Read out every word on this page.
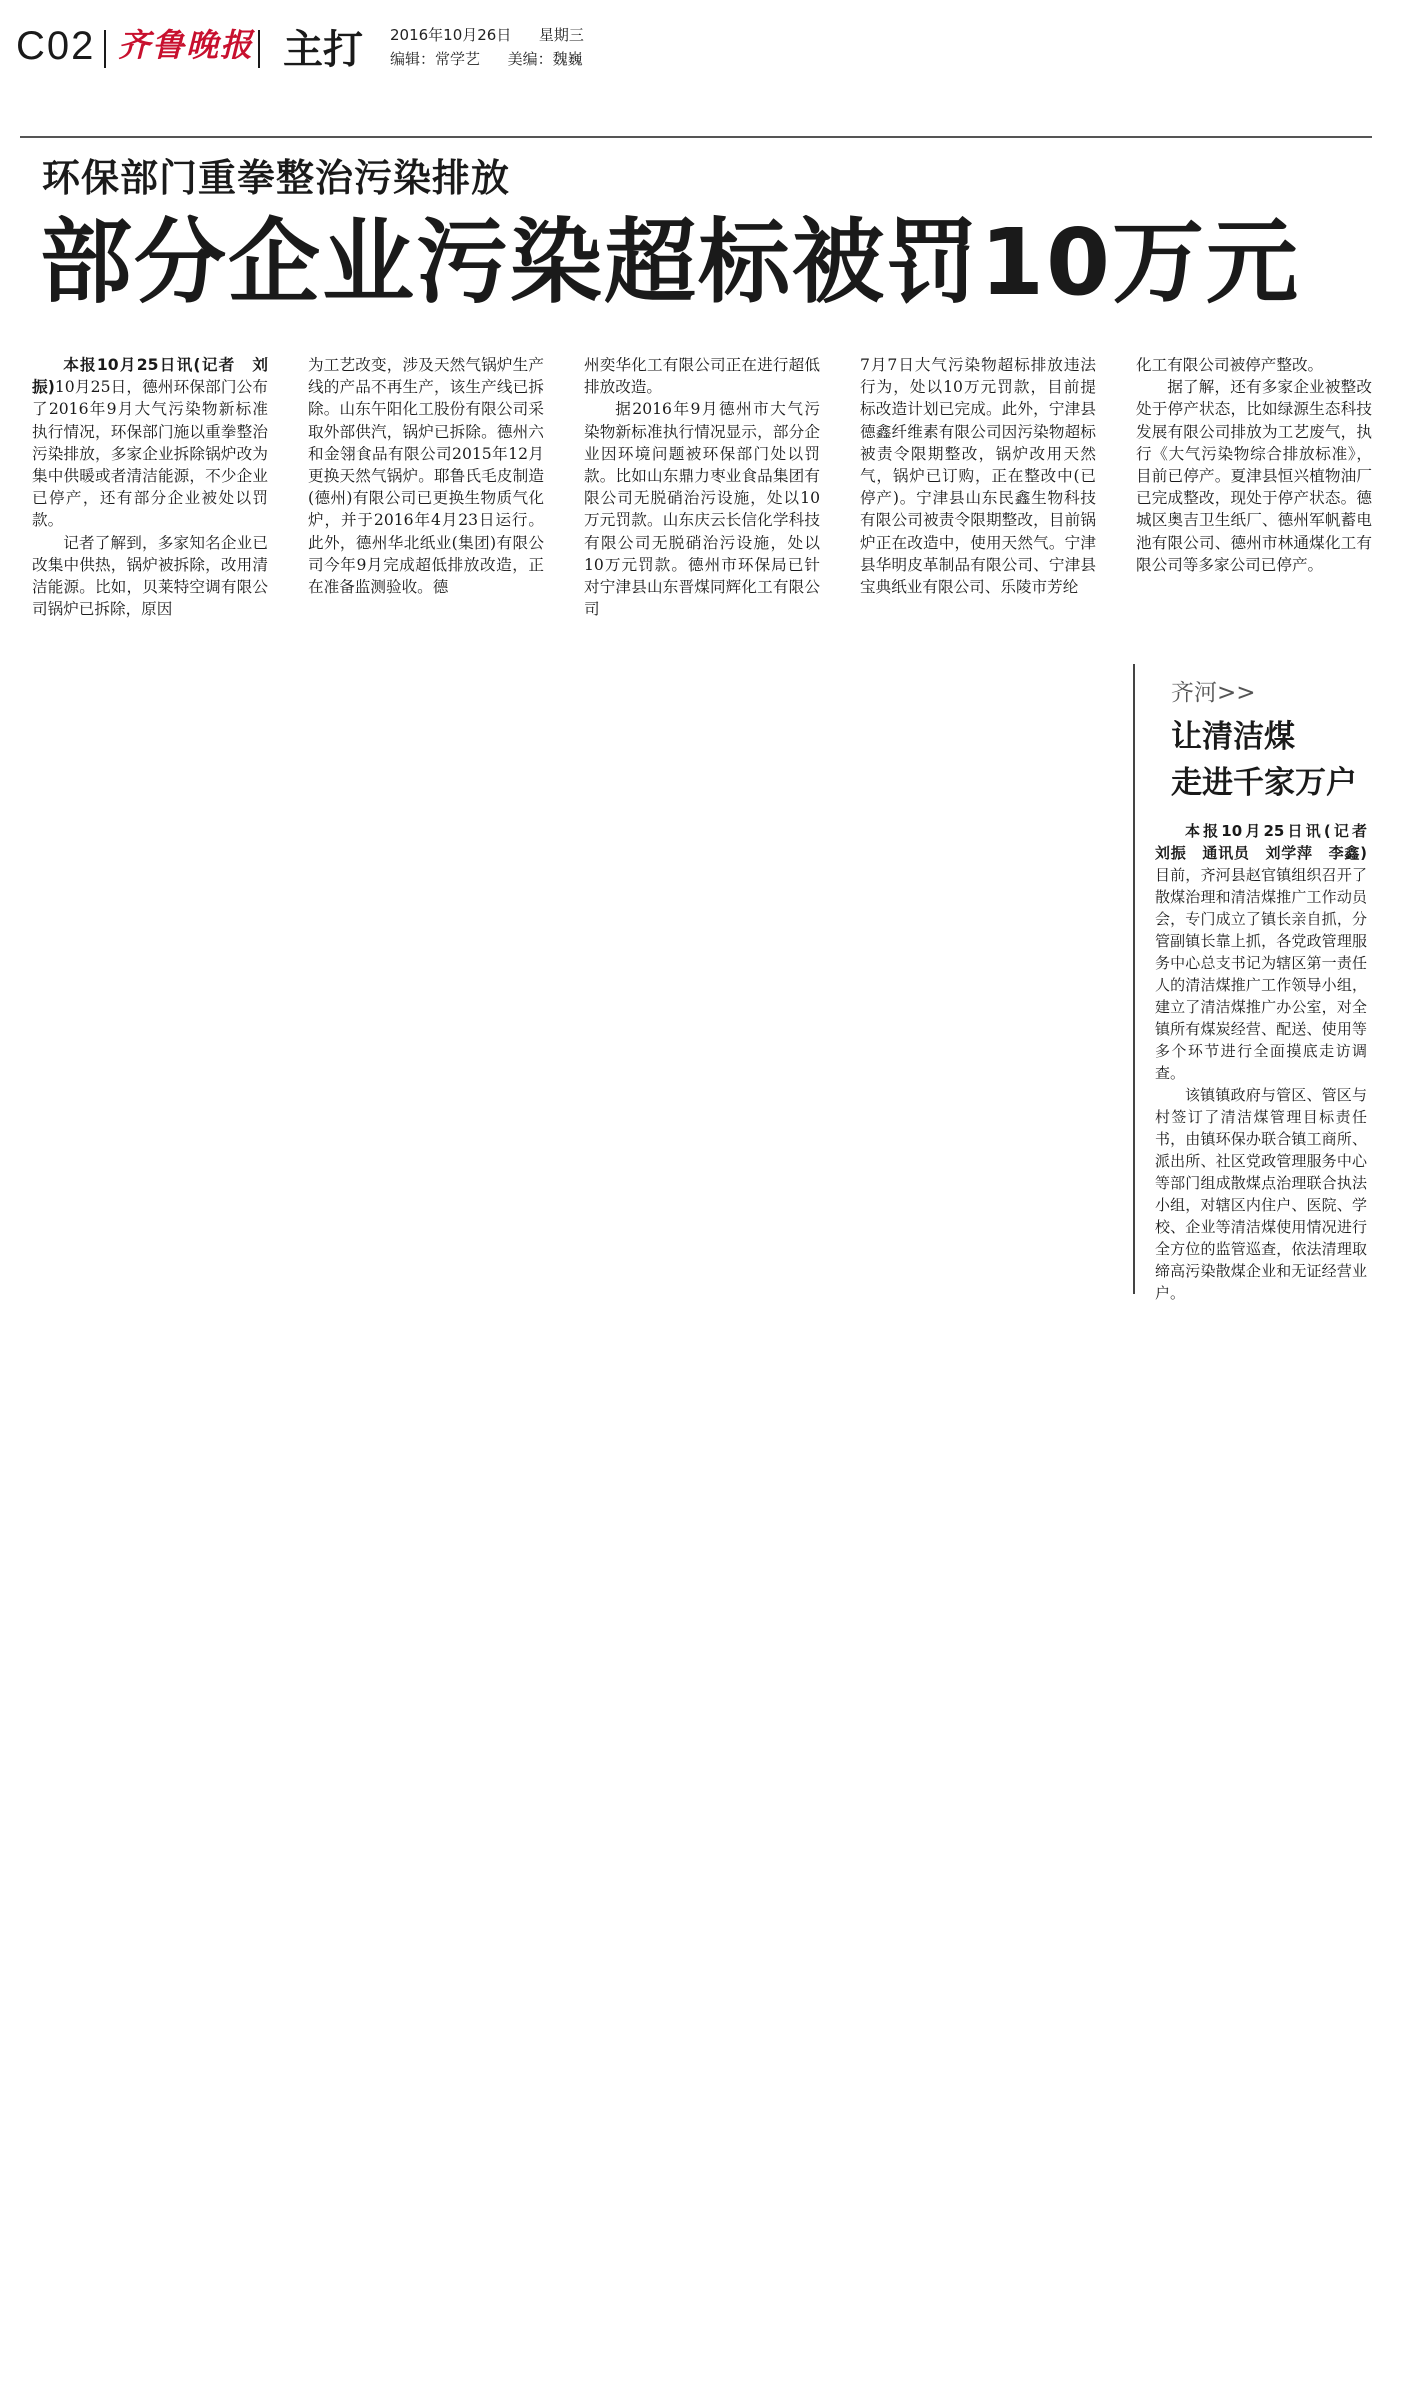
C02 齐鲁晚报 主打 2016年10月26日 星期三
编辑：常学艺 美编：魏巍
环保部门重拳整治污染排放
部分企业污染超标被罚10万元

本报10月25日讯(记者　刘振)10月25日，德州环保部门公布了2016年9月大气污染物新标准执行情况，环保部门施以重拳整治污染排放，多家企业拆除锅炉改为集中供暖或者清洁能源，不少企业已停产，还有部分企业被处以罚款。

记者了解到，多家知名企业已改集中供热，锅炉被拆除，改用清洁能源。比如，贝莱特空调有限公司锅炉已拆除，原因

为工艺改变，涉及天然气锅炉生产线的产品不再生产，该生产线已拆除。山东午阳化工股份有限公司采取外部供汽，锅炉已拆除。德州六和金翎食品有限公司2015年12月更换天然气锅炉。耶鲁氏毛皮制造(德州)有限公司已更换生物质气化炉，并于2016年4月23日运行。此外，德州华北纸业(集团)有限公司今年9月完成超低排放改造，正在准备监测验收。德

州奕华化工有限公司正在进行超低排放改造。

据2016年9月德州市大气污染物新标准执行情况显示，部分企业因环境问题被环保部门处以罚款。比如山东鼎力枣业食品集团有限公司无脱硝治污设施，处以10万元罚款。山东庆云长信化学科技有限公司无脱硝治污设施，处以10万元罚款。德州市环保局已针对宁津县山东晋煤同辉化工有限公司

7月7日大气污染物超标排放违法行为，处以10万元罚款，目前提标改造计划已完成。此外，宁津县德鑫纤维素有限公司因污染物超标被责令限期整改，锅炉改用天然气，锅炉已订购，正在整改中(已停产)。宁津县山东民鑫生物科技有限公司被责令限期整改，目前锅炉正在改造中，使用天然气。宁津县华明皮革制品有限公司、宁津县宝典纸业有限公司、乐陵市芳纶

化工有限公司被停产整改。

据了解，还有多家企业被整改处于停产状态，比如绿源生态科技发展有限公司排放为工艺废气，执行《大气污染物综合排放标准》，目前已停产。夏津县恒兴植物油厂已完成整改，现处于停产状态。德城区奥吉卫生纸厂、德州军帆蓄电池有限公司、德州市林通煤化工有限公司等多家公司已停产。

齐河>>
让清洁煤
走进千家万户

本报10月25日讯(记者　刘振　通讯员　刘学萍　李鑫)目前，齐河县赵官镇组织召开了散煤治理和清洁煤推广工作动员会，专门成立了镇长亲自抓，分管副镇长靠上抓，各党政管理服务中心总支书记为辖区第一责任人的清洁煤推广工作领导小组，建立了清洁煤推广办公室，对全镇所有煤炭经营、配送、使用等多个环节进行全面摸底走访调查。

该镇镇政府与管区、管区与村签订了清洁煤管理目标责任书，由镇环保办联合镇工商所、派出所、社区党政管理服务中心等部门组成散煤点治理联合执法小组，对辖区内住户、医院、学校、企业等清洁煤使用情况进行全方位的监管巡查，依法清理取缔高污染散煤企业和无证经营业户。
